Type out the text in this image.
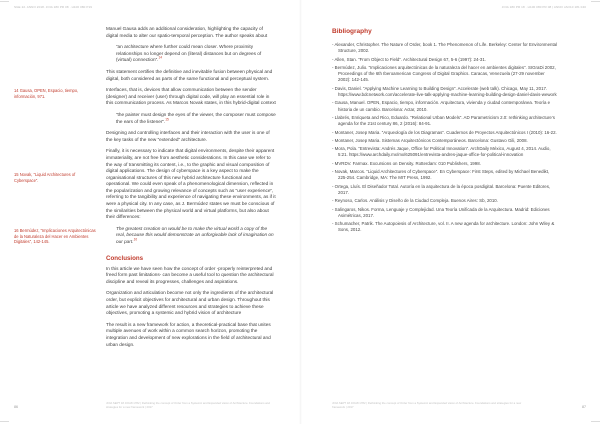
SGE 22. ANNO 2018. JOIA 180 PR 08 · H100 080 P19

14 Gausa, OPEN, Espacio, tiempo, información, 971.

15 Novak, “Liquid Architectures of Cyberspace”.

16 Bermúdez, “Implicaciones Arquitectónicas de la Naturaleza del Hacer en Ambientes Digitales”, 142-145.

Manuel Gausa adds an additional consideration, highlighting the capacity of digital media to alter our spatio-temporal perception. The author speaks about

“an architecture where further could mean closer. Where proximity relationships no longer depend on (literal) distances but on degrees of (virtual) connection”.$^{14}$

This statement certifies the definitive and inevitable fusion between physical and digital, both considered as parts of the same functional and perceptual system.

Interfaces, that is, devices that allow communication between the sender (designer) and receiver (user) through digital code, will play an essential role in this communication process. As Marcos Novak states, in this hybrid-digital context

“the painter must design the eyes of the viewer, the composer must compose the ears of the listener”.$^{15}$

Designing and controlling interfaces and their interaction with the user is one of the key tasks of the new “extended” architecture.

Finally, it is necessary to indicate that digital environments, despite their apparent immateriality, are not free from aesthetic considerations. In this case we refer to the way of transmitting its content, i.e., to the graphic and visual composition of digital applications. The design of cyberspace is a key aspect to make the organisational structures of this new hybrid architecture functional and operational. We could even speak of a phenomenological dimension, reflected in the popularization and growing relevance of concepts such as “user experience”, referring to the tangibility and experience of navigating these environments, as if it were a physical city. In any case, as J. Bermúdez states we must be conscious of the similarities between the physical world and virtual platforms, but also about their differences:

The greatest creation on would be to make the virtual world a copy of the real, because this would demonstrate an unforgivable lack of imagination on our part.$^{16}$

Conclusions

In this article we have seen how the concept of order -properly reinterpreted and freed form past limitations- can become a useful tool to question the architectural discipline and reveal its progresses, challenges and aspirations.

Organization and articulation become not only the ingredients of the architectural order, but explicit objectives for architectural and urban design. Throughout this article we have analyzed different resources and strategies to achieve these objectives, promoting a systemic and hybrid vision of architecture

The result is a new framework for action, a theoretical-practical base that unites multiple avenues of work within a common search horizon, promoting the integration and development of new explorations in the field of architectural and urban design.

86
JOIA SEPT 18 JOIA8 1782 | Rethinking the concept of Order from a Systemic and Expanded vision of Architecture. Foundations and strategies for a new framework | 2017
JOIA 180 PR 18 · H100 080 PR 08 | ANNO JAO10 181 040
Bibliography

- Alexander, Christopher. The Nature of Order, book 1. The Phenomenon of Life. Berkeley: Center for Environmental Structure, 2002.

- Allen, Stan. “From Object to Field”. Architectural Design 67, 5-6 (1997): 24-31.

- Bermúdez, Julio. “Implicaciones arquitectónicas de la naturaleza del hacer en ambientes digitales”. SIGraDi 2002, Proceedings of the 6th Iberoamerican Congress of Digital Graphics. Caracas, Venezuela (27-29 november 2002): 142-145.

- Davis, Daniel. “Applying Machine Learning to Building Design”. Accelerate (web talk). Chicago, May 11, 2017. https://www.bdcnetwork.com/accelerate-live-talk-applying-machine-learning-building-design-daniel-davis-wework

- Gausa, Manuel. OPEN, Espacio, tiempo, información. Arquitectura, vivienda y ciudad contemporánea. Teoría e historia de un cambio. Barcelona: Actar, 2010.

- Llabrés, Enriqueta and Rico, Eduardo. “Relational Urban Models”. AD Parametricism 2.0: rethinking architecture’s agenda for the 21st century 86, 2 (2016): 84-91.

- Montaner, Josep Maria. “Arqueología de los Diagramas”. Cuadernos de Proyectos Arquitectónicos I (2010): 16-22.

- Montaner, Josep Maria. Sistemas Arquitectónicos Contemporáneos. Barcelona: Gustavo Gili, 2008.

- Mora, Pola. “Entrevista: Andrés Jaque, Office for Political Innovation”. ArchDaily México, August 4, 2014. Audio, 5:21. https://www.archdaily.mx/mx/625091/entrevista-andres-jaque-office-for-political-innovation

- MVRDV. Farmax. Excursions on Density. Rotterdam: 010 Publishers, 1998.

- Novak, Marcos. “Liquid Architectures of Cyberspace”. En Cyberspace: First Steps, edited by Michael Benedikt, 225-254. Cambridge, MA: The MIT Press, 1992.

- Ortega, Lluís. El Diseñador Total. Autoría en la arquitectura de la época posdigital. Barcelona: Puente Editores, 2017.

- Reynoso, Carlos. Análisis y Diseño de la Ciudad Compleja. Buenos Aires: Sb, 2010.

- Salingaros, Nikos. Forma, Lenguaje y Complejidad. Una Teoría Unificada de la Arquitectura. Madrid: Ediciones Asimétricas, 2017.

- Schumacher, Patrik. The Autopoiesis of Architecture, vol. II. A new agenda for architecture. London: John Wiley & Sons, 2012.

JOIA SEPT 18 JOIA8 1782 | Rethinking the concept of Order from a Systemic and Expanded vision of Architecture. Foundations and strategies for a new framework | 2017	87
